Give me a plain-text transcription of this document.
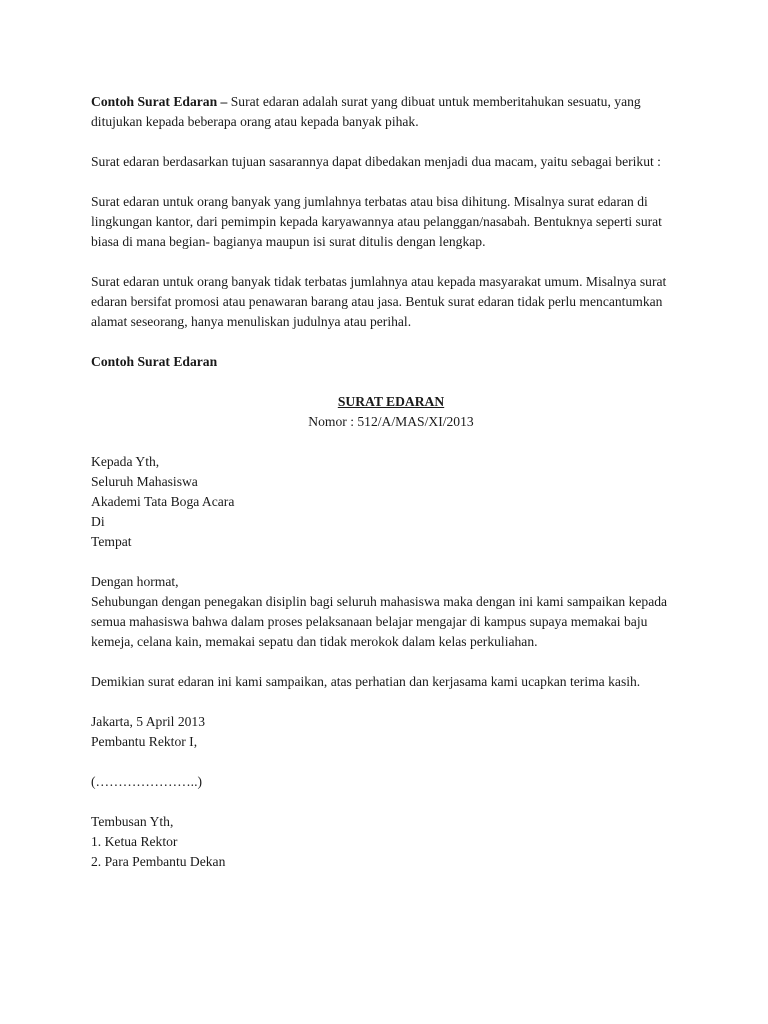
Contoh Surat Edaran – Surat edaran adalah surat yang dibuat untuk memberitahukan sesuatu, yang ditujukan kepada beberapa orang atau kepada banyak pihak.

Surat edaran berdasarkan tujuan sasarannya dapat dibedakan menjadi dua macam, yaitu sebagai berikut :

Surat edaran untuk orang banyak yang jumlahnya terbatas atau bisa dihitung. Misalnya surat edaran di lingkungan kantor, dari pemimpin kepada karyawannya atau pelanggan/nasabah. Bentuknya seperti surat biasa di mana begian- bagianya maupun isi surat ditulis dengan lengkap.

Surat edaran untuk orang banyak tidak terbatas jumlahnya atau kepada masyarakat umum. Misalnya surat edaran bersifat promosi atau penawaran barang atau jasa. Bentuk surat edaran tidak perlu mencantumkan alamat seseorang, hanya menuliskan judulnya atau perihal.

Contoh Surat Edaran

SURAT EDARAN

Nomor : 512/A/MAS/XI/2013

Kepada Yth,
Seluruh Mahasiswa
Akademi Tata Boga Acara
Di
Tempat

Dengan hormat,

Sehubungan dengan penegakan disiplin bagi seluruh mahasiswa maka dengan ini kami sampaikan kepada semua mahasiswa bahwa dalam proses pelaksanaan belajar mengajar di kampus supaya memakai baju kemeja, celana kain, memakai sepatu dan tidak merokok dalam kelas perkuliahan.

Demikian surat edaran ini kami sampaikan, atas perhatian dan kerjasama kami ucapkan terima kasih.

Jakarta, 5 April 2013

Pembantu Rektor I,

(…………………..)

Tembusan Yth,

1. Ketua Rektor
2. Para Pembantu Dekan
